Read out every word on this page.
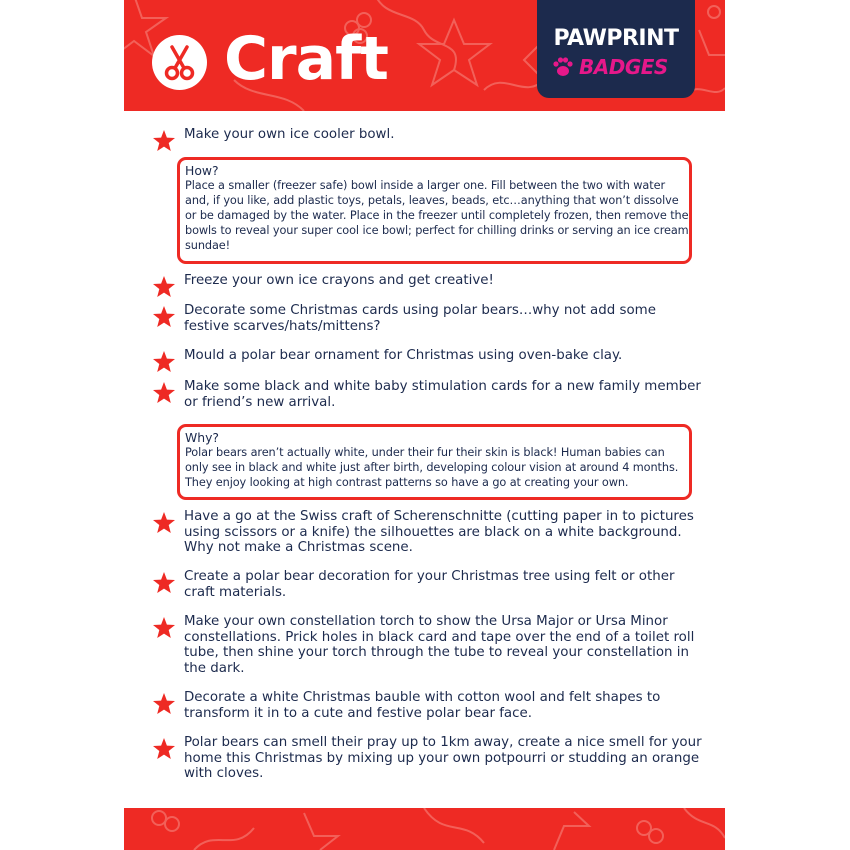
Craft	PAWPRINT
BADGES
Make your own ice cooler bowl.
How?
Place a smaller (freezer safe) bowl inside a larger one. Fill between the two with water and, if you like, add plastic toys, petals, leaves, beads, etc…anything that won’t dissolve or be damaged by the water. Place in the freezer until completely frozen, then remove the bowls to reveal your super cool ice bowl; perfect for chilling drinks or serving an ice cream sundae!
Freeze your own ice crayons and get creative!
Decorate some Christmas cards using polar bears…why not add some festive scarves/hats/mittens?
Mould a polar bear ornament for Christmas using oven-bake clay.
Make some black and white baby stimulation cards for a new family member or friend’s new arrival.
Why?
Polar bears aren’t actually white, under their fur their skin is black! Human babies can only see in black and white just after birth, developing colour vision at around 4 months. They enjoy looking at high contrast patterns so have a go at creating your own.
Have a go at the Swiss craft of Scherenschnitte (cutting paper in to pictures using scissors or a knife) the silhouettes are black on a white background. Why not make a Christmas scene.
Create a polar bear decoration for your Christmas tree using felt or other craft materials.
Make your own constellation torch to show the Ursa Major or Ursa Minor constellations. Prick holes in black card and tape over the end of a toilet roll tube, then shine your torch through the tube to reveal your constellation in the dark.
Decorate a white Christmas bauble with cotton wool and felt shapes to transform it in to a cute and festive polar bear face.
Polar bears can smell their pray up to 1km away, create a nice smell for your home this Christmas by mixing up your own potpourri or studding an orange with cloves.
